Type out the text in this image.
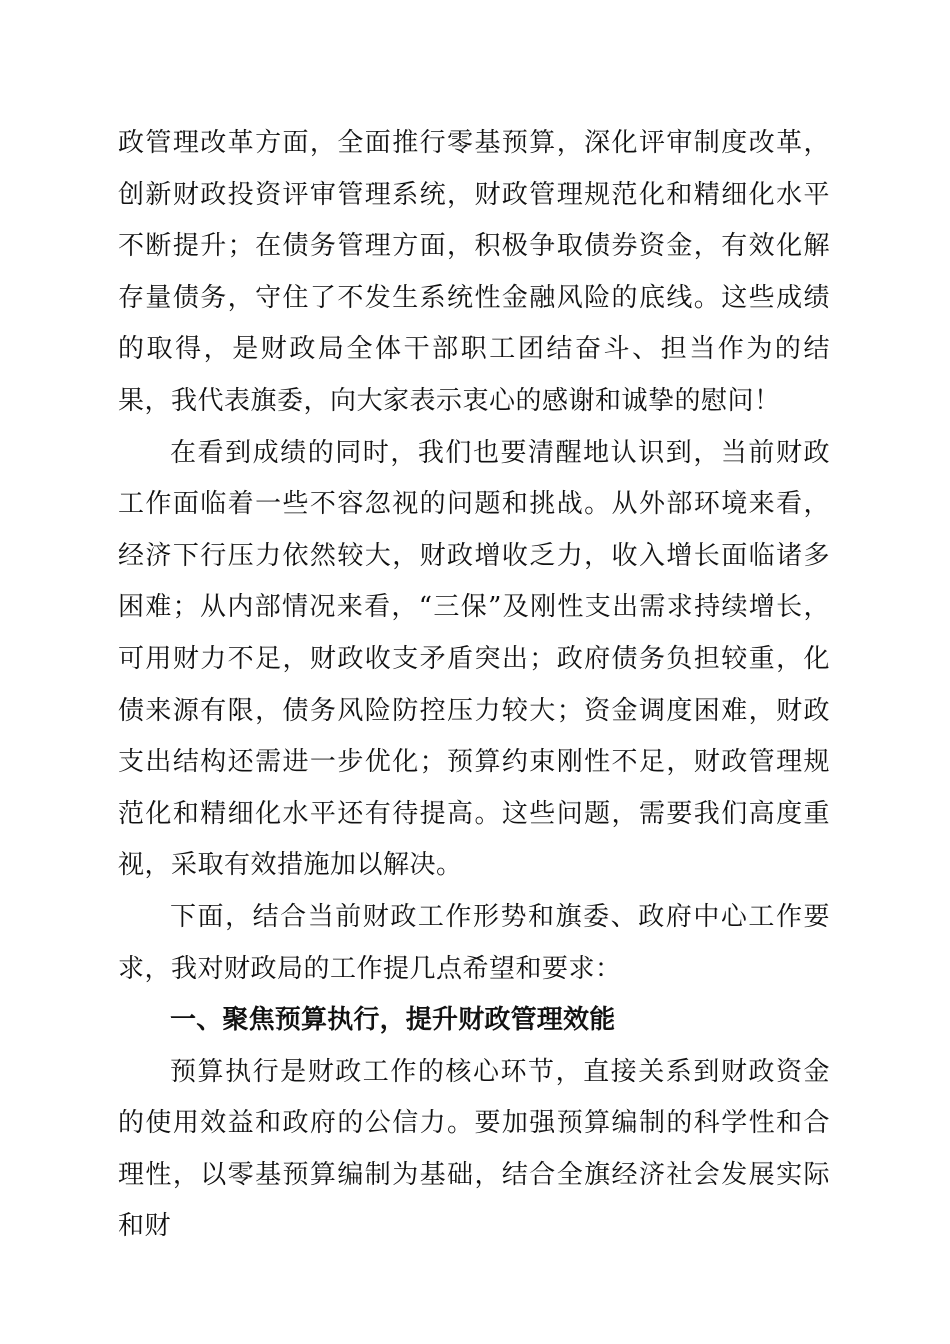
政管理改革方面，全面推行零基预算，深化评审制度改革，创新财政投资评审管理系统，财政管理规范化和精细化水平不断提升；在债务管理方面，积极争取债券资金，有效化解存量债务，守住了不发生系统性金融风险的底线。这些成绩的取得，是财政局全体干部职工团结奋斗、担当作为的结果，我代表旗委，向大家表示衷心的感谢和诚挚的慰问！

在看到成绩的同时，我们也要清醒地认识到，当前财政工作面临着一些不容忽视的问题和挑战。从外部环境来看，经济下行压力依然较大，财政增收乏力，收入增长面临诸多困难；从内部情况来看，“三保”及刚性支出需求持续增长，可用财力不足，财政收支矛盾突出；政府债务负担较重，化债来源有限，债务风险防控压力较大；资金调度困难，财政支出结构还需进一步优化；预算约束刚性不足，财政管理规范化和精细化水平还有待提高。这些问题，需要我们高度重视，采取有效措施加以解决。

下面，结合当前财政工作形势和旗委、政府中心工作要求，我对财政局的工作提几点希望和要求：

一、聚焦预算执行，提升财政管理效能

预算执行是财政工作的核心环节，直接关系到财政资金的使用效益和政府的公信力。要加强预算编制的科学性和合理性，以零基预算编制为基础，结合全旗经济社会发展实际和财
